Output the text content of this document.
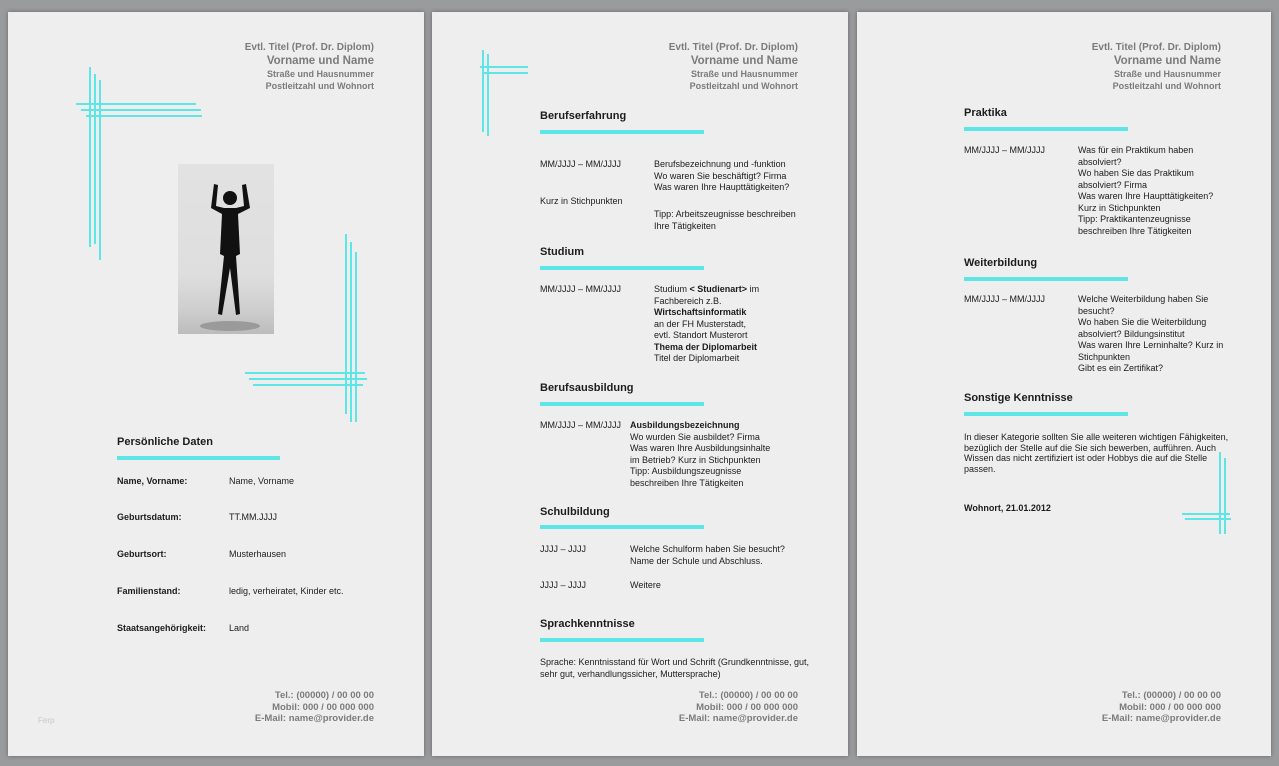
Evtl. Titel (Prof. Dr. Diplom)
Vorname und Name
Straße und Hausnummer
Postleitzahl und Wohnort
Persönliche Daten
Name, Vorname:	Name, Vorname
Geburtsdatum:	TT.MM.JJJJ
Geburtsort:	Musterhausen
Familienstand:	ledig, verheiratet, Kinder etc.
Staatsangehörigkeit:	Land
Tel.: (00000) / 00 00 00
Mobil: 000 / 00 000 000
E-Mail: name@provider.de
Ferp
Evtl. Titel (Prof. Dr. Diplom)
Vorname und Name
Straße und Hausnummer
Postleitzahl und Wohnort
Berufserfahrung
MM/JJJJ – MM/JJJJ	Berufsbezeichnung und -funktion
Wo waren Sie beschäftigt? Firma
Was waren Ihre Haupttätigkeiten?
Kurz in Stichpunkten
Tipp: Arbeitszeugnisse beschreiben
Ihre Tätigkeiten
Studium
MM/JJJJ – MM/JJJJ	Studium < Studienart> im
Fachbereich z.B.
Wirtschaftsinformatik
an der FH Musterstadt,
evtl. Standort Musterort
Thema der Diplomarbeit
Titel der Diplomarbeit
Berufsausbildung
MM/JJJJ – MM/JJJJ Ausbildungsbezeichnung
Wo wurden Sie ausbildet? Firma
Was waren Ihre Ausbildungsinhalte
im Betrieb? Kurz in Stichpunkten
Tipp: Ausbildungszeugnisse
beschreiben Ihre Tätigkeiten
Schulbildung
JJJJ – JJJJ	Welche Schulform haben Sie besucht?
Name der Schule und Abschluss.
JJJJ – JJJJ	Weitere
Sprachkenntnisse
Sprache: Kenntnisstand für Wort und Schrift (Grundkenntnisse, gut,
sehr gut, verhandlungssicher, Muttersprache)
Tel.: (00000) / 00 00 00
Mobil: 000 / 00 000 000
E-Mail: name@provider.de
Evtl. Titel (Prof. Dr. Diplom)
Vorname und Name
Straße und Hausnummer
Postleitzahl und Wohnort
Praktika
MM/JJJJ – MM/JJJJ	Was für ein Praktikum haben
absolviert?
Wo haben Sie das Praktikum
absolviert? Firma
Was waren Ihre Haupttätigkeiten?
Kurz in Stichpunkten
Tipp: Praktikantenzeugnisse
beschreiben Ihre Tätigkeiten
Weiterbildung
MM/JJJJ – MM/JJJJ	Welche Weiterbildung haben Sie
besucht?
Wo haben Sie die Weiterbildung
absolviert? Bildungsinstitut
Was waren Ihre Lerninhalte? Kurz in
Stichpunkten
Gibt es ein Zertifikat?
Sonstige Kenntnisse
In dieser Kategorie sollten Sie alle weiteren wichtigen Fähigkeiten,
bezüglich der Stelle auf die Sie sich bewerben, aufführen. Auch
Wissen das nicht zertifiziert ist oder Hobbys die auf die Stelle
passen.
Wohnort, 21.01.2012
Tel.: (00000) / 00 00 00
Mobil: 000 / 00 000 000
E-Mail: name@provider.de
